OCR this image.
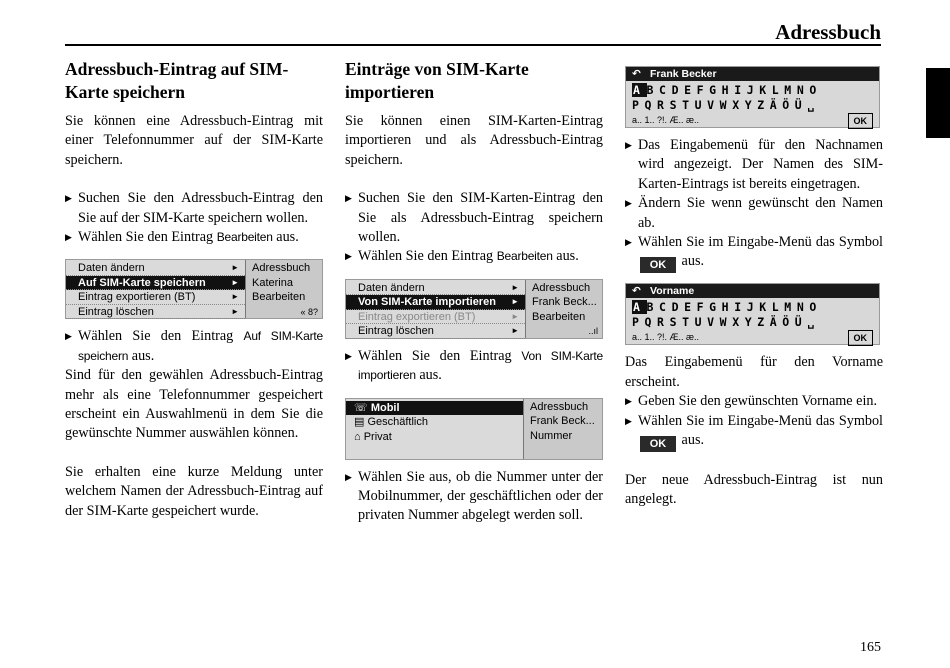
Adressbuch
Adressbuch-Eintrag auf SIM-Karte speichern

Sie können eine Adressbuch-Eintrag mit einer Telefonnummer auf der SIM-Karte speichern.

▶ Suchen Sie den Adressbuch-Eintrag den Sie auf der SIM-Karte speichern wollen.

▶ Wählen Sie den Eintrag Bearbeiten aus.

Daten ändern	►
Auf SIM-Karte speichern	►
Eintrag exportieren (BT)	►
Eintrag löschen	►
Adressbuch
Katerina
Bearbeiten
« 8?

▶ Wählen Sie den Eintrag Auf SIM-Karte speichern aus.

Sind für den gewählen Adressbuch-Eintrag mehr als eine Telefonnummer gespeichert erscheint ein Auswahlmenü in dem Sie die gewünschte Nummer auswählen können.

Sie erhalten eine kurze Meldung unter welchem Namen der Adressbuch-Eintrag auf der SIM-Karte gespeichert wurde.

Einträge von SIM-Karte importieren

Sie können einen SIM-Karten-Eintrag importieren und als Adressbuch-Eintrag speichern.

▶ Suchen Sie den SIM-Karten-Eintrag den Sie als Adressbuch-Eintrag speichern wollen.

▶ Wählen Sie den Eintrag Bearbeiten aus.

Daten ändern	►
Von SIM-Karte importieren ►
Eintrag exportieren (BT)	►
Eintrag löschen	►
Adressbuch
Frank Beck...
Bearbeiten
..ıl

▶ Wählen Sie den Eintrag Von SIM-Karte importieren aus.

☏ Mobil
▤ Geschäftlich
⌂ Privat
Adressbuch
Frank Beck...
Nummer

▶ Wählen Sie aus, ob die Nummer unter der Mobilnummer, der geschäftlichen oder der privaten Nummer abgelegt werden soll.

↶ Frank Becker
ABCDEFGHIJKLMNO
PQRSTUVWXYZÄÖÜ␣
a.. 1.. ?!. Æ.. æ..	OK

▶ Das Eingabemenü für den Nachnamen wird angezeigt. Der Namen des SIM-Karten-Eintrags ist bereits eingetragen.

▶ Ändern Sie wenn gewünscht den Namen ab.

▶ Wählen Sie im Eingabe-Menü das Symbol OK aus.

↶ Vorname
ABCDEFGHIJKLMNO
PQRSTUVWXYZÄÖÜ␣
a.. 1.. ?!. Æ.. æ..	OK

Das Eingabemenü für den Vorname erscheint.

▶ Geben Sie den gewünschten Vorname ein.

▶ Wählen Sie im Eingabe-Menü das Symbol OK aus.

Der neue Adressbuch-Eintrag ist nun angelegt.

165
